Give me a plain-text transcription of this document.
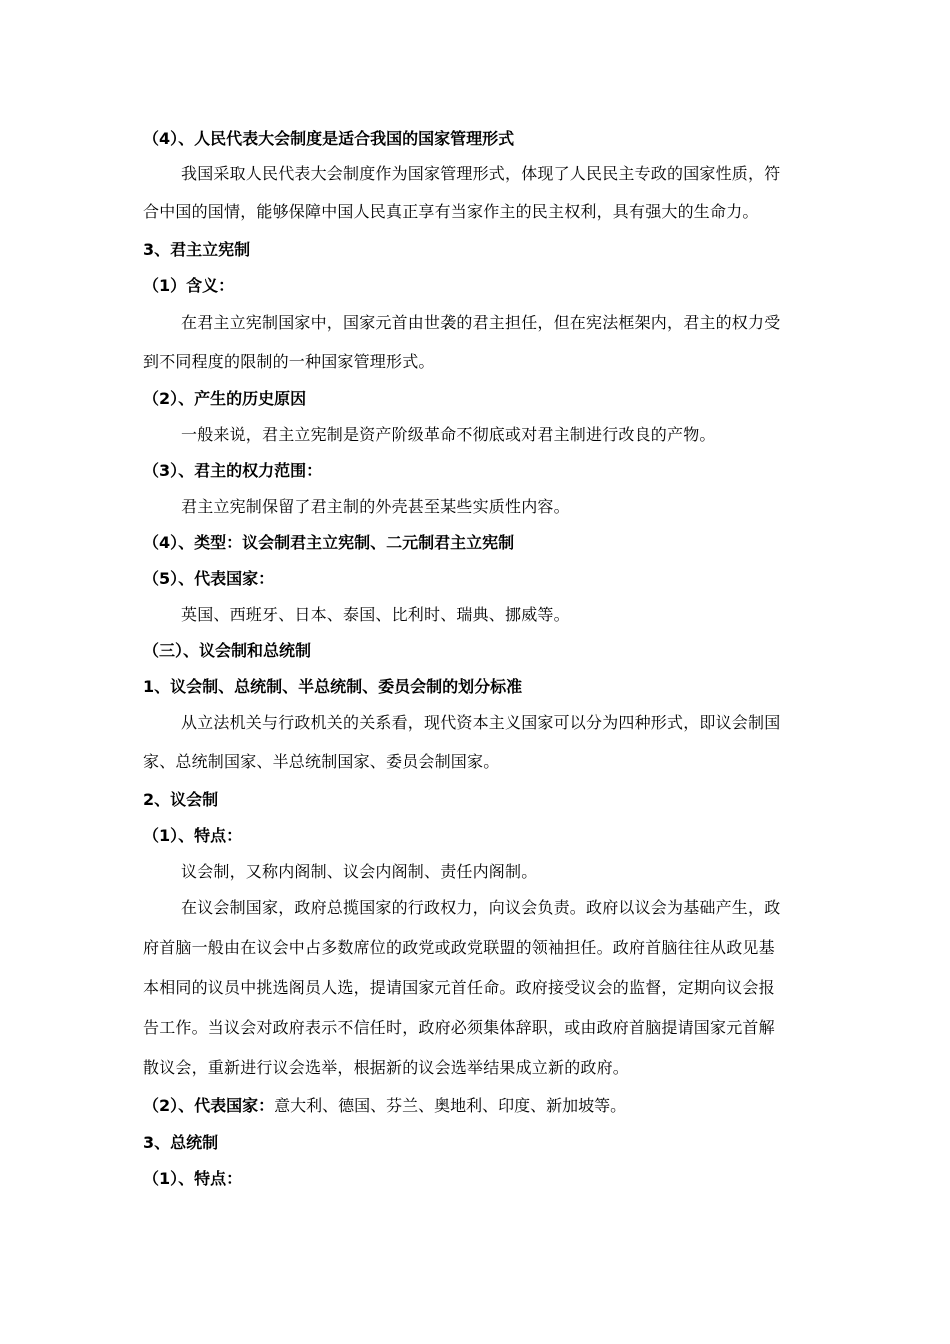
（4）、人民代表大会制度是适合我国的国家管理形式
我国采取人民代表大会制度作为国家管理形式，体现了人民民主专政的国家性质，符
合中国的国情，能够保障中国人民真正享有当家作主的民主权利，具有强大的生命力。
3、君主立宪制
（1）含义：
在君主立宪制国家中，国家元首由世袭的君主担任，但在宪法框架内，君主的权力受
到不同程度的限制的一种国家管理形式。
（2）、产生的历史原因
一般来说，君主立宪制是资产阶级革命不彻底或对君主制进行改良的产物。
（3）、君主的权力范围：
君主立宪制保留了君主制的外壳甚至某些实质性内容。
（4）、类型：议会制君主立宪制、二元制君主立宪制
（5）、代表国家：
英国、西班牙、日本、泰国、比利时、瑞典、挪威等。
（三）、议会制和总统制
1、议会制、总统制、半总统制、委员会制的划分标准
从立法机关与行政机关的关系看，现代资本主义国家可以分为四种形式，即议会制国
家、总统制国家、半总统制国家、委员会制国家。
2、议会制
（1）、特点：
议会制，又称内阁制、议会内阁制、责任内阁制。
在议会制国家，政府总揽国家的行政权力，向议会负责。政府以议会为基础产生，政
府首脑一般由在议会中占多数席位的政党或政党联盟的领袖担任。政府首脑往往从政见基
本相同的议员中挑选阁员人选，提请国家元首任命。政府接受议会的监督，定期向议会报
告工作。当议会对政府表示不信任时，政府必须集体辞职，或由政府首脑提请国家元首解
散议会，重新进行议会选举，根据新的议会选举结果成立新的政府。
（2）、代表国家：意大利、德国、芬兰、奥地利、印度、新加坡等。
3、总统制
（1）、特点：
